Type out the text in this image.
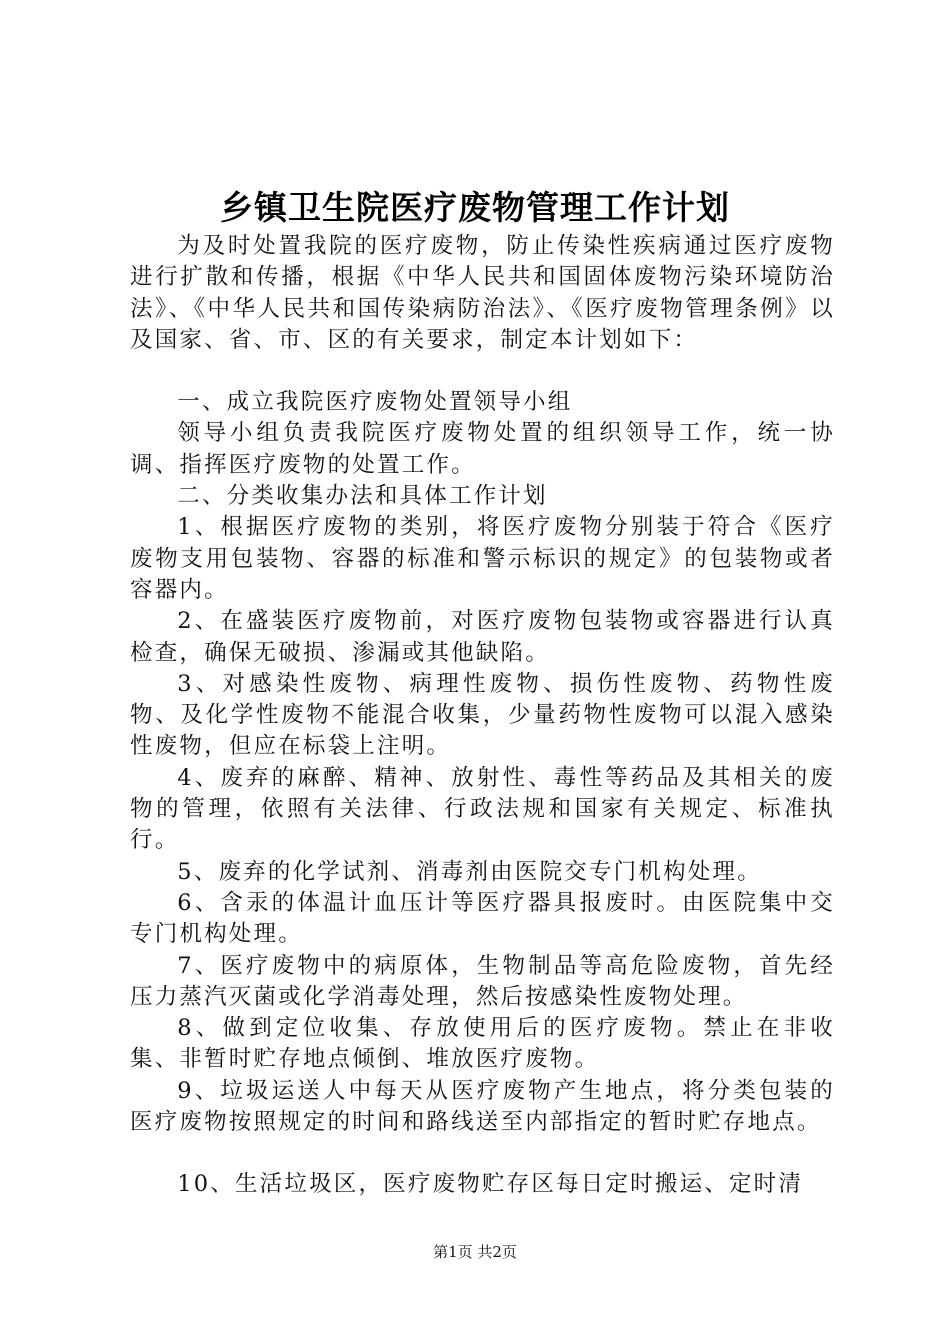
乡镇卫生院医疗废物管理工作计划

为及时处置我院的医疗废物，防止传染性疾病通过医疗废物进行扩散和传播，根据《中华人民共和国固体废物污染环境防治法》、《中华人民共和国传染病防治法》、《医疗废物管理条例》以及国家、省、市、区的有关要求，制定本计划如下：

一、成立我院医疗废物处置领导小组

领导小组负责我院医疗废物处置的组织领导工作，统一协调、指挥医疗废物的处置工作。

二、分类收集办法和具体工作计划

1、根据医疗废物的类别，将医疗废物分别装于符合《医疗废物支用包装物、容器的标准和警示标识的规定》的包装物或者容器内。

2、在盛装医疗废物前，对医疗废物包装物或容器进行认真检查，确保无破损、渗漏或其他缺陷。

3、对感染性废物、病理性废物、损伤性废物、药物性废物、及化学性废物不能混合收集，少量药物性废物可以混入感染性废物，但应在标袋上注明。

4、废弃的麻醉、精神、放射性、毒性等药品及其相关的废物的管理，依照有关法律、行政法规和国家有关规定、标准执行。

5、废弃的化学试剂、消毒剂由医院交专门机构处理。

6、含汞的体温计血压计等医疗器具报废时。由医院集中交专门机构处理。

7、医疗废物中的病原体，生物制品等高危险废物，首先经压力蒸汽灭菌或化学消毒处理，然后按感染性废物处理。

8、做到定位收集、存放使用后的医疗废物。禁止在非收集、非暂时贮存地点倾倒、堆放医疗废物。

9、垃圾运送人中每天从医疗废物产生地点，将分类包装的医疗废物按照规定的时间和路线送至内部指定的暂时贮存地点。

10、生活垃圾区，医疗废物贮存区每日定时搬运、定时清

第1页 共2页
